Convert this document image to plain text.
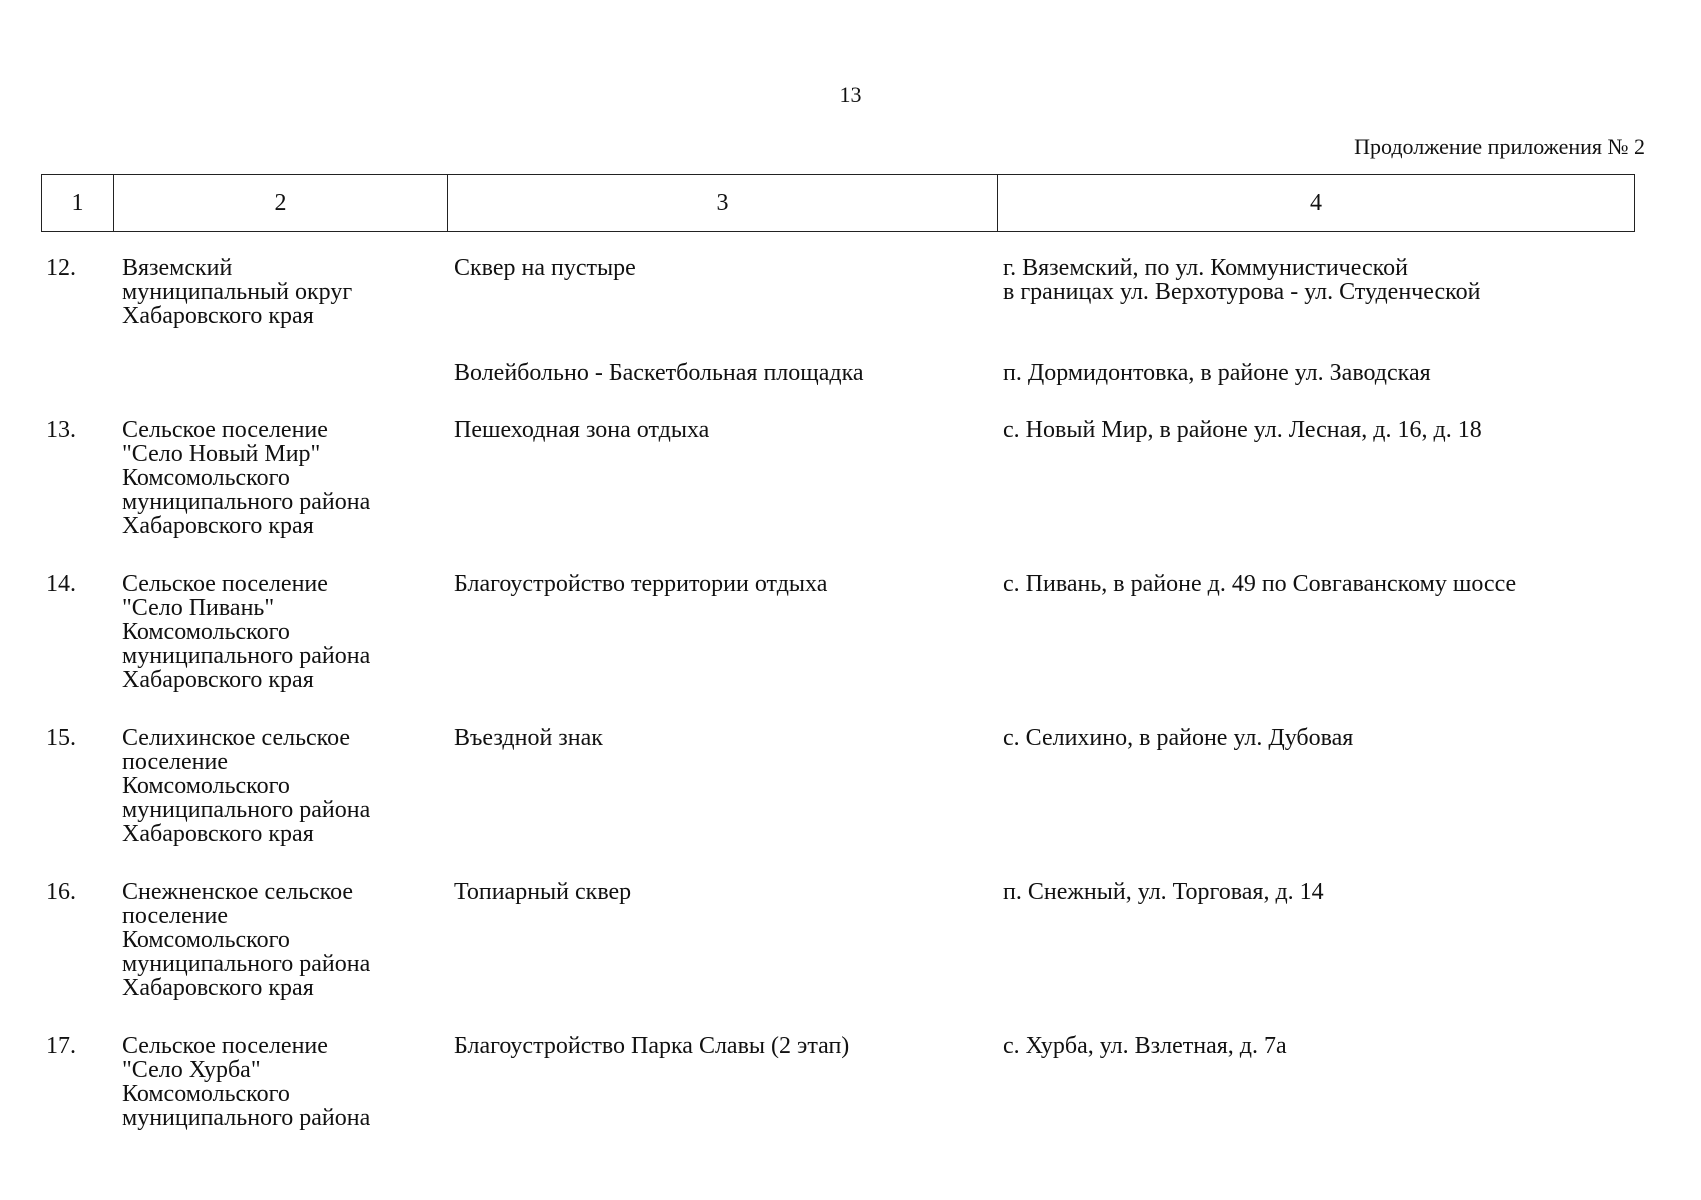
13
Продолжение приложения № 2
1	2	3	4
12.	Вяземский
муниципальный округ
Хабаровского края
Сквер на пустыре	г. Вяземский, по ул. Коммунистической
в границах ул. Верхотурова - ул. Студенческой
Волейбольно - Баскетбольная площадка	п. Дормидонтовка, в районе ул. Заводская
13.	Сельское поселение
"Село Новый Мир"
Комсомольского
муниципального района
Хабаровского края
Пешеходная зона отдыха	с. Новый Мир, в районе ул. Лесная, д. 16, д. 18
14.	Сельское поселение
"Село Пивань"
Комсомольского
муниципального района
Хабаровского края
Благоустройство территории отдыха	с. Пивань, в районе д. 49 по Совгаванскому шоссе
15.	Селихинское сельское
поселение
Комсомольского
муниципального района
Хабаровского края
Въездной знак	с. Селихино, в районе ул. Дубовая
16.	Снежненское сельское
поселение
Комсомольского
муниципального района
Хабаровского края
Топиарный сквер	п. Снежный, ул. Торговая, д. 14
17.	Сельское поселение
"Село Хурба"
Комсомольского
муниципального района
Благоустройство Парка Славы (2 этап)	с. Хурба, ул. Взлетная, д. 7а
